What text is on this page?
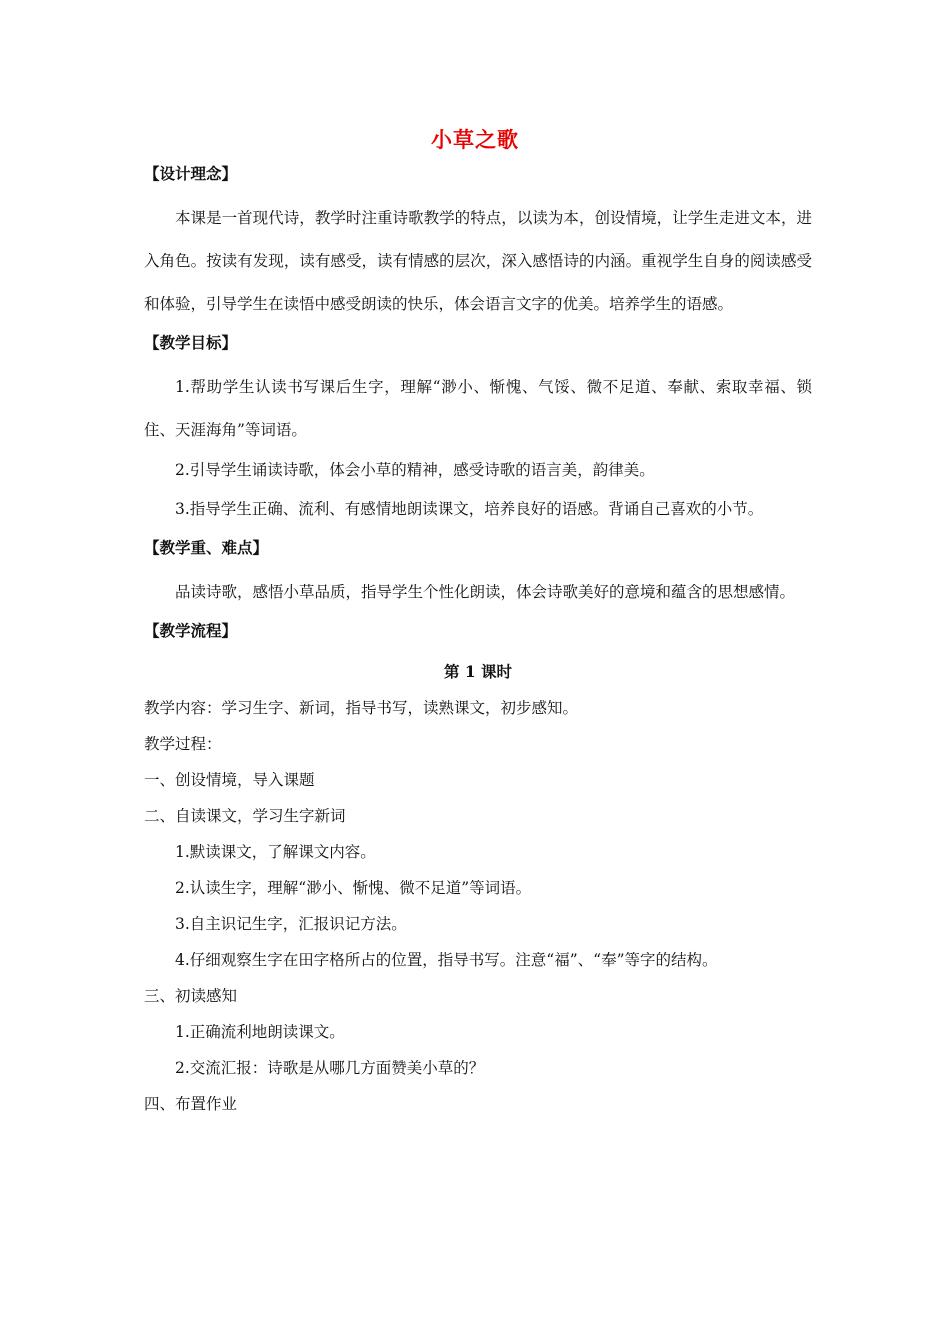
小草之歌
【设计理念】
本课是一首现代诗，教学时注重诗歌教学的特点，以读为本，创设情境，让学生走进文本，进入角色。按读有发现，读有感受，读有情感的层次，深入感悟诗的内涵。重视学生自身的阅读感受和体验，引导学生在读悟中感受朗读的快乐，体会语言文字的优美。培养学生的语感。
【教学目标】
1.帮助学生认读书写课后生字，理解“渺小、惭愧、气馁、微不足道、奉献、索取幸福、锁住、天涯海角”等词语。
2.引导学生诵读诗歌，体会小草的精神，感受诗歌的语言美，韵律美。
3.指导学生正确、流利、有感情地朗读课文，培养良好的语感。背诵自己喜欢的小节。
【教学重、难点】
品读诗歌，感悟小草品质，指导学生个性化朗读，体会诗歌美好的意境和蕴含的思想感情。
【教学流程】
第 1 课时
教学内容：学习生字、新词，指导书写，读熟课文，初步感知。
教学过程：
一、创设情境，导入课题
二、自读课文，学习生字新词
1.默读课文，了解课文内容。
2.认读生字，理解“渺小、惭愧、微不足道”等词语。
3.自主识记生字，汇报识记方法。
4.仔细观察生字在田字格所占的位置，指导书写。注意“福”、“奉”等字的结构。
三、初读感知
1.正确流利地朗读课文。
2.交流汇报：诗歌是从哪几方面赞美小草的？
四、布置作业
